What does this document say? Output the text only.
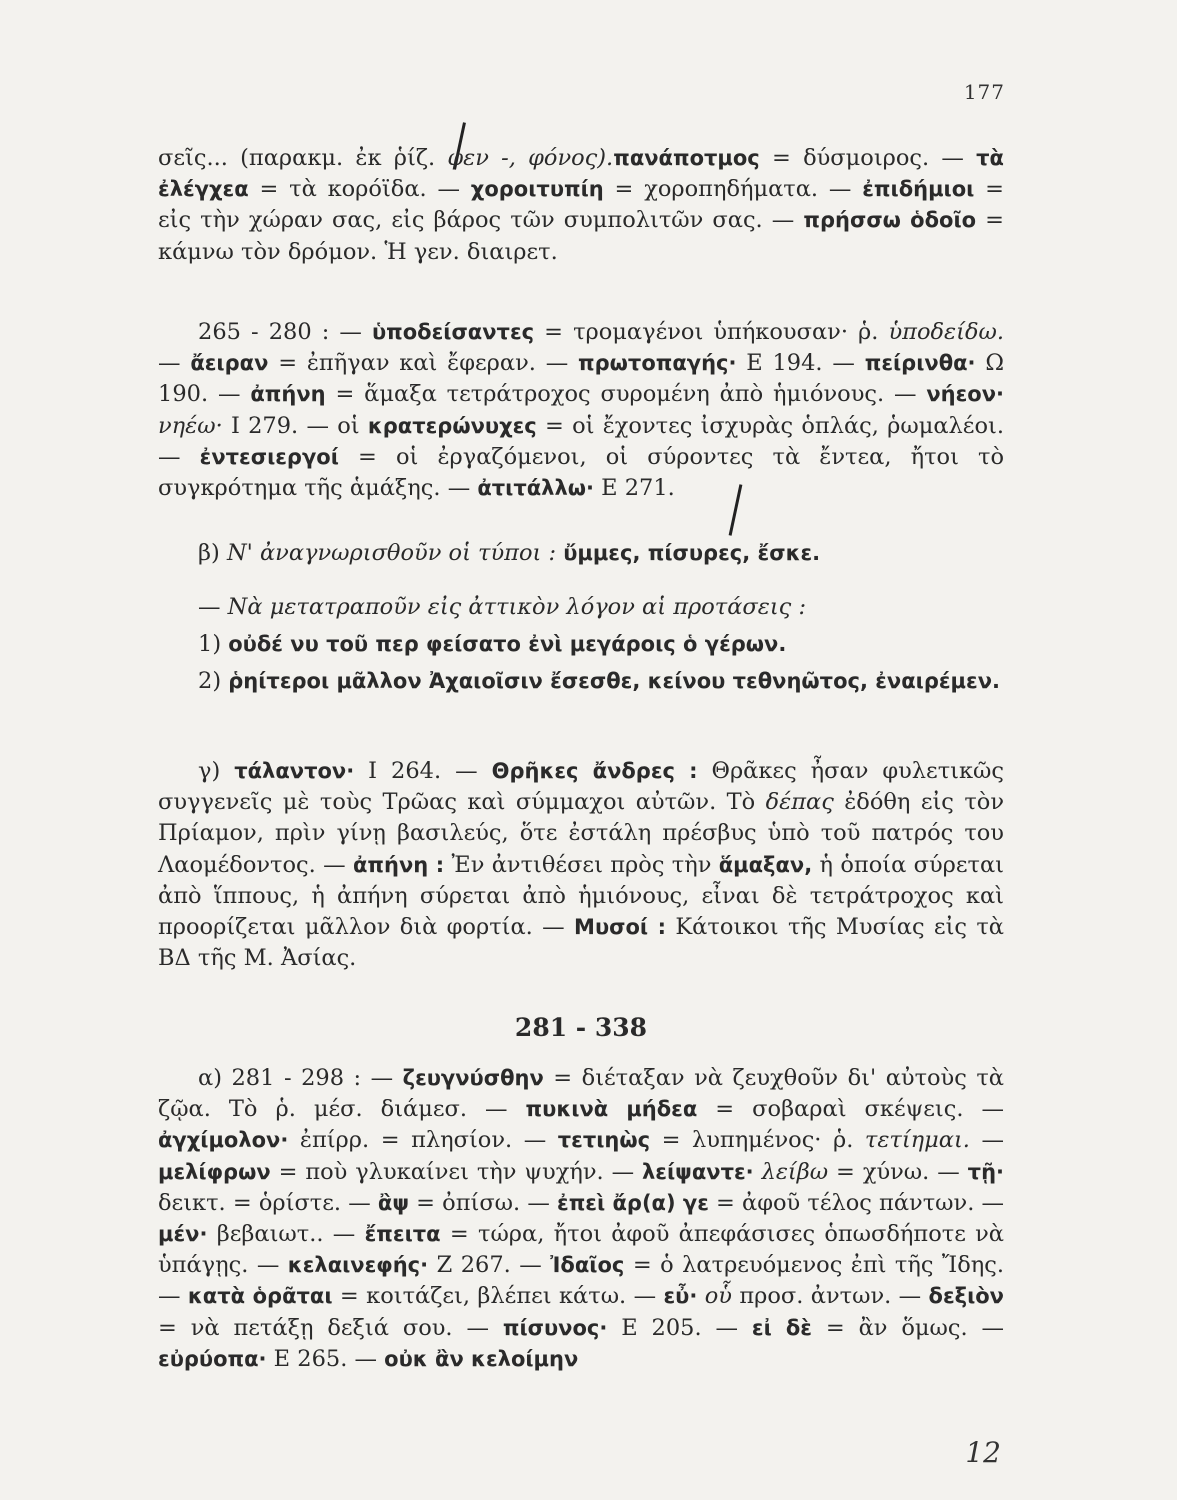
177

σεῖς... (παρακμ. ἐκ ῥίζ. φεν -, φόνος).πανάποτμος = δύσμοιρος. — τὰ ἐλέγχεα = τὰ κορόϊδα. — χοροιτυπίη = χοροπηδήματα. — ἐπιδήμιοι = εἰς τὴν χώραν σας, εἰς βάρος τῶν συμπολιτῶν σας. — πρήσσω ὁδοῖο = κάμνω τὸν δρόμον. Ἡ γεν. διαιρετ.

265 - 280 : — ὑποδείσαντες = τρομαγένοι ὑπήκουσαν· ῥ. ὑποδείδω. — ἄειραν = ἐπῆγαν καὶ ἔφεραν. — πρωτοπαγής· Ε 194. — πείρινθα· Ω 190. — ἀπήνη = ἅμαξα τετράτροχος συρομένη ἀπὸ ἡμιόνους. — νήεον· νηέω· Ι 279. — οἱ κρατερώνυχες = οἱ ἔχοντες ἰσχυρὰς ὁπλάς, ῥωμαλέοι. — ἐντεσιεργοί = οἱ ἐργαζόμενοι, οἱ σύροντες τὰ ἔντεα, ἤτοι τὸ συγκρότημα τῆς ἁμάξης. — ἀτιτάλλω· Ε 271.

β) Ν' ἀναγνωρισθοῦν οἱ τύποι : ὔμμες, πίσυρες, ἔσκε.

— Νὰ μετατραποῦν εἰς ἀττικὸν λόγον αἱ προτάσεις :

1) οὐδέ νυ τοῦ περ φείσατο ἐνὶ μεγάροις ὁ γέρων.

2) ῥηίτεροι μᾶλλον Ἀχαιοῖσιν ἔσεσθε, κείνου τεθνηῶτος, ἐναιρέμεν.

γ) τάλαντον· Ι 264. — Θρῆκες ἄνδρες : Θρᾶκες ἦσαν φυλετικῶς συγγενεῖς μὲ τοὺς Τρῶας καὶ σύμμαχοι αὐτῶν. Τὸ δέπας ἐδόθη εἰς τὸν Πρίαμον, πρὶν γίνῃ βασιλεύς, ὅτε ἐστάλη πρέσβυς ὑπὸ τοῦ πατρός του Λαομέδοντος. — ἀπήνη : Ἐν ἀντιθέσει πρὸς τὴν ἅμαξαν, ἡ ὁποία σύρεται ἀπὸ ἵππους, ἡ ἀπήνη σύρεται ἀπὸ ἡμιόνους, εἶναι δὲ τετράτροχος καὶ προορίζεται μᾶλλον διὰ φορτία. — Μυσοί : Κάτοικοι τῆς Μυσίας εἰς τὰ ΒΔ τῆς Μ. Ἀσίας.

281 - 338

α) 281 - 298 : — ζευγνύσθην = διέταξαν νὰ ζευχθοῦν δι' αὐτοὺς τὰ ζῷα. Τὸ ῥ. μέσ. διάμεσ. — πυκινὰ μήδεα = σοβαραὶ σκέψεις. — ἀγχίμολον· ἐπίρρ. = πλησίον. — τετιηὼς = λυπημένος· ῥ. τετίημαι. — μελίφρων = ποὺ γλυκαίνει τὴν ψυχήν. — λείψαντε· λείβω = χύνω. — τῇ· δεικτ. = ὁρίστε. — ἂψ = ὀπίσω. — ἐπεὶ ἄρ(α) γε = ἀφοῦ τέλος πάντων. — μέν· βεβαιωτ.. — ἔπειτα = τώρα, ἤτοι ἀφοῦ ἀπεφάσισες ὁπωσδήποτε νὰ ὑπάγῃς. — κελαινεφής· Ζ 267. — Ἰδαῖος = ὁ λατρευόμενος ἐπὶ τῆς Ἴδης. — κατὰ ὁρᾶται = κοιτάζει, βλέπει κάτω. — εὖ· οὗ προσ. ἀντων. — δεξιὸν = νὰ πετάξῃ δεξιά σου. — πίσυνος· Ε 205. — εἰ δὲ = ἂν ὅμως. — εὐρύοπα· Ε 265. — οὐκ ἂν κελοίμην

12
